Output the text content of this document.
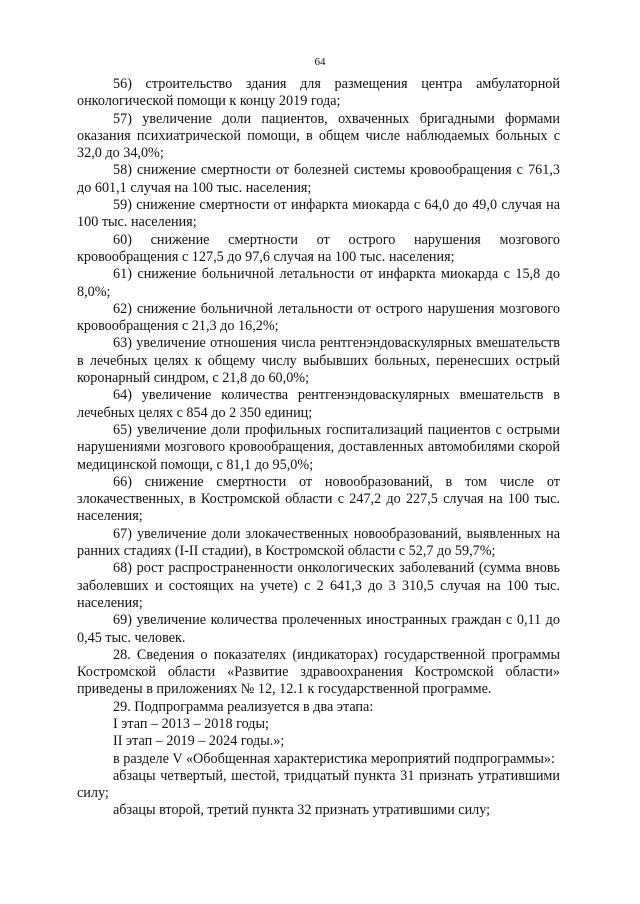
64

56) строительство здания для размещения центра амбулаторной онкологической помощи к концу 2019 года;

57) увеличение доли пациентов, охваченных бригадными формами оказания психиатрической помощи, в общем числе наблюдаемых больных с 32,0 до 34,0%;

58) снижение смертности от болезней системы кровообращения с 761,3 до 601,1 случая на 100 тыс. населения;

59) снижение смертности от инфаркта миокарда с 64,0 до 49,0 случая на 100 тыс. населения;

60) снижение смертности от острого нарушения мозгового кровообращения с 127,5 до 97,6 случая на 100 тыс. населения;

61) снижение больничной летальности от инфаркта миокарда с 15,8 до 8,0%;

62) снижение больничной летальности от острого нарушения мозгового кровообращения с 21,3 до 16,2%;

63) увеличение отношения числа рентгенэндоваскулярных вмешательств в лечебных целях к общему числу выбывших больных, перенесших острый коронарный синдром, с 21,8 до 60,0%;

64) увеличение количества рентгенэндоваскулярных вмешательств в лечебных целях с 854 до 2 350 единиц;

65) увеличение доли профильных госпитализаций пациентов с острыми нарушениями мозгового кровообращения, доставленных автомобилями скорой медицинской помощи, с 81,1 до 95,0%;

66) снижение смертности от новообразований, в том числе от злокачественных, в Костромской области с 247,2 до 227,5 случая на 100 тыс. населения;

67) увеличение доли злокачественных новообразований, выявленных на ранних стадиях (I-II стадии), в Костромской области с 52,7 до 59,7%;

68) рост распространенности онкологических заболеваний (сумма вновь заболевших и состоящих на учете) с 2 641,3 до 3 310,5 случая на 100 тыс. населения;

69) увеличение количества пролеченных иностранных граждан с 0,11 до 0,45 тыс. человек.

28. Сведения о показателях (индикаторах) государственной программы Костромской области «Развитие здравоохранения Костромской области» приведены в приложениях № 12, 12.1 к государственной программе.

29. Подпрограмма реализуется в два этапа:

I этап – 2013 – 2018 годы;

II этап – 2019 – 2024 годы.»;

в разделе V «Обобщенная характеристика мероприятий подпрограммы»:

абзацы четвертый, шестой, тридцатый пункта 31 признать утратившими силу;

абзацы второй, третий пункта 32 признать утратившими силу;
